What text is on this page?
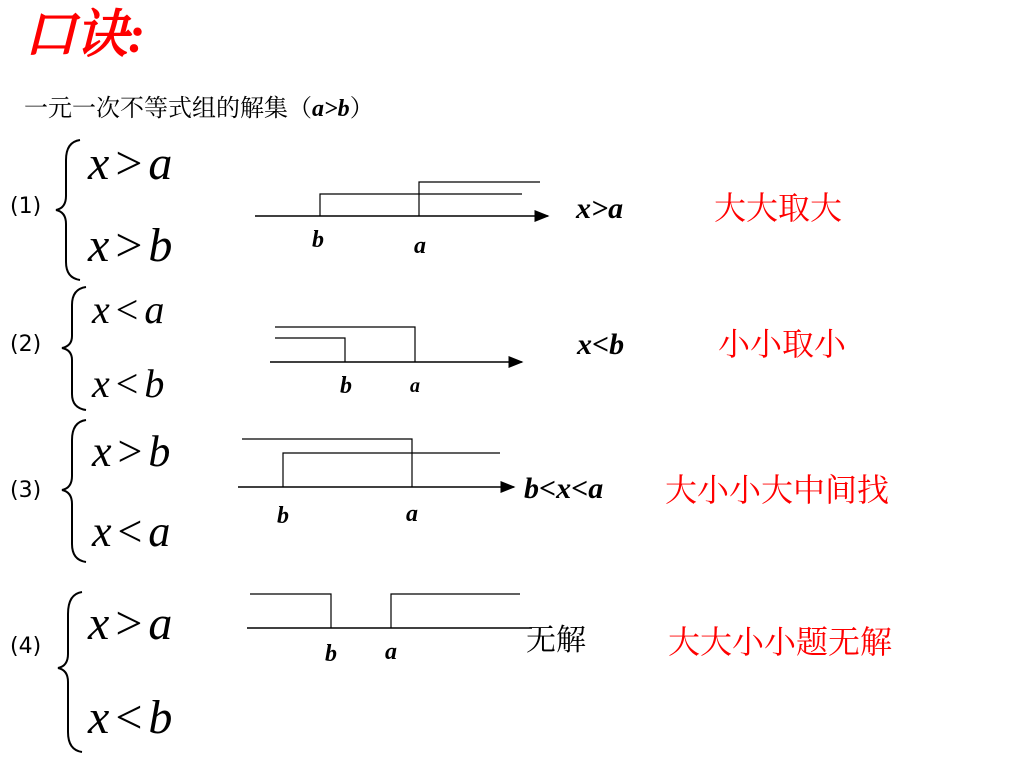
口诀:
一元一次不等式组的解集（a>b）
(1)
x > a
x > b	b	a
x>a	大大取大
(2)
x < a
x < b	b	a
x<b	小小取小
(3)
x > b
x < a	b	a
b<x<a 大小小大中间找
(4) x > a
x < b
b a	无解	大大小小题无解
